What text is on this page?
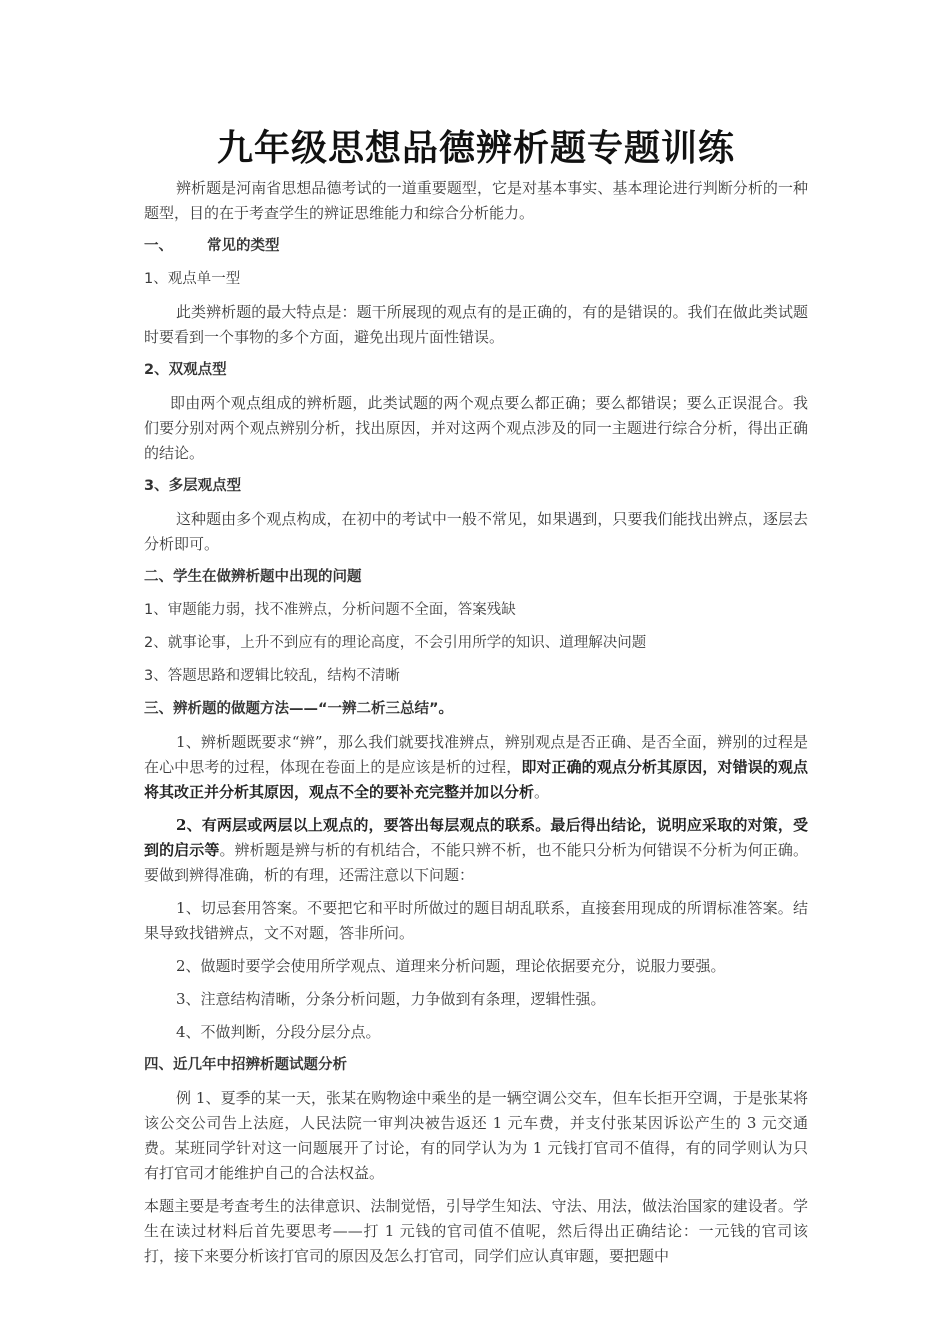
九年级思想品德辨析题专题训练

辨析题是河南省思想品德考试的一道重要题型，它是对基本事实、基本理论进行判断分析的一种题型，目的在于考查学生的辨证思维能力和综合分析能力。

一、 常见的类型

1、观点单一型

此类辨析题的最大特点是：题干所展现的观点有的是正确的，有的是错误的。我们在做此类试题时要看到一个事物的多个方面，避免出现片面性错误。

2、双观点型

即由两个观点组成的辨析题，此类试题的两个观点要么都正确；要么都错误；要么正误混合。我们要分别对两个观点辨别分析，找出原因，并对这两个观点涉及的同一主题进行综合分析，得出正确的结论。

3、多层观点型

这种题由多个观点构成，在初中的考试中一般不常见，如果遇到，只要我们能找出辨点，逐层去分析即可。

二、学生在做辨析题中出现的问题

1、审题能力弱，找不准辨点，分析问题不全面，答案残缺

2、就事论事，上升不到应有的理论高度，不会引用所学的知识、道理解决问题

3、答题思路和逻辑比较乱，结构不清晰

三、辨析题的做题方法——“一辨二析三总结”。

1、辨析题既要求“辨”，那么我们就要找准辨点，辨别观点是否正确、是否全面，辨别的过程是在心中思考的过程，体现在卷面上的是应该是析的过程，即对正确的观点分析其原因，对错误的观点将其改正并分析其原因，观点不全的要补充完整并加以分析。

2、有两层或两层以上观点的，要答出每层观点的联系。最后得出结论，说明应采取的对策，受到的启示等。辨析题是辨与析的有机结合，不能只辨不析，也不能只分析为何错误不分析为何正确。要做到辨得准确，析的有理，还需注意以下问题：

1、切忌套用答案。不要把它和平时所做过的题目胡乱联系，直接套用现成的所谓标准答案。结果导致找错辨点，文不对题，答非所问。

2、做题时要学会使用所学观点、道理来分析问题，理论依据要充分，说服力要强。

3、注意结构清晰，分条分析问题，力争做到有条理，逻辑性强。

4、不做判断，分段分层分点。

四、近几年中招辨析题试题分析

例 1、夏季的某一天，张某在购物途中乘坐的是一辆空调公交车，但车长拒开空调，于是张某将该公交公司告上法庭，人民法院一审判决被告返还 1 元车费，并支付张某因诉讼产生的 3 元交通费。某班同学针对这一问题展开了讨论，有的同学认为为 1 元钱打官司不值得，有的同学则认为只有打官司才能维护自己的合法权益。

本题主要是考查考生的法律意识、法制觉悟，引导学生知法、守法、用法，做法治国家的建设者。学生在读过材料后首先要思考——打 1 元钱的官司值不值呢，然后得出正确结论：一元钱的官司该打，接下来要分析该打官司的原因及怎么打官司，同学们应认真审题，要把题中
